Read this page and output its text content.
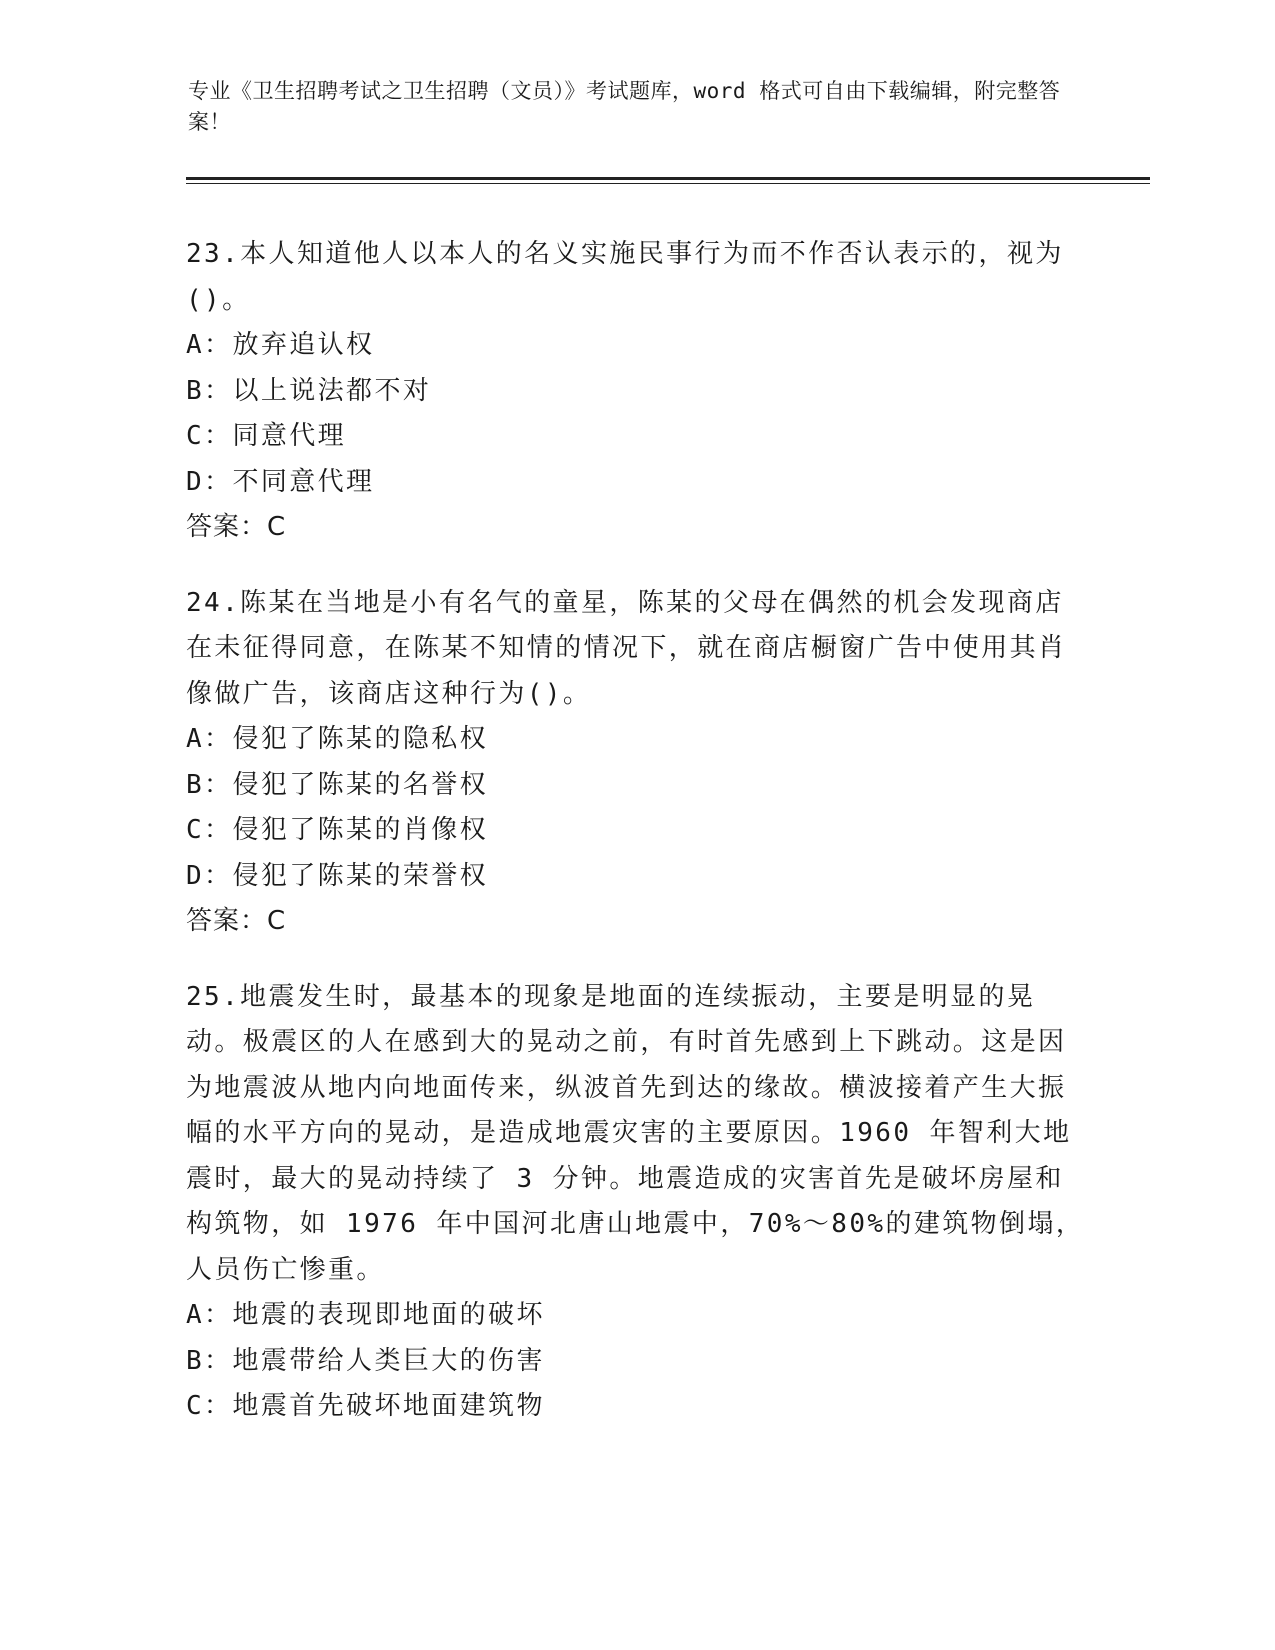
专业《卫生招聘考试之卫生招聘（文员）》考试题库，word 格式可自由下载编辑，附完整答案！

23.本人知道他人以本人的名义实施民事行为而不作否认表示的，视为()。

A：放弃追认权

B：以上说法都不对

C：同意代理

D：不同意代理

答案：C

24.陈某在当地是小有名气的童星，陈某的父母在偶然的机会发现商店在未征得同意，在陈某不知情的情况下，就在商店橱窗广告中使用其肖像做广告，该商店这种行为()。

A：侵犯了陈某的隐私权

B：侵犯了陈某的名誉权

C：侵犯了陈某的肖像权

D：侵犯了陈某的荣誉权

答案：C

25.地震发生时，最基本的现象是地面的连续振动，主要是明显的晃动。极震区的人在感到大的晃动之前，有时首先感到上下跳动。这是因为地震波从地内向地面传来，纵波首先到达的缘故。横波接着产生大振幅的水平方向的晃动，是造成地震灾害的主要原因。1960 年智利大地震时，最大的晃动持续了 3 分钟。地震造成的灾害首先是破坏房屋和构筑物，如 1976 年中国河北唐山地震中，70%～80%的建筑物倒塌，人员伤亡惨重。

A：地震的表现即地面的破坏

B：地震带给人类巨大的伤害

C：地震首先破坏地面建筑物
